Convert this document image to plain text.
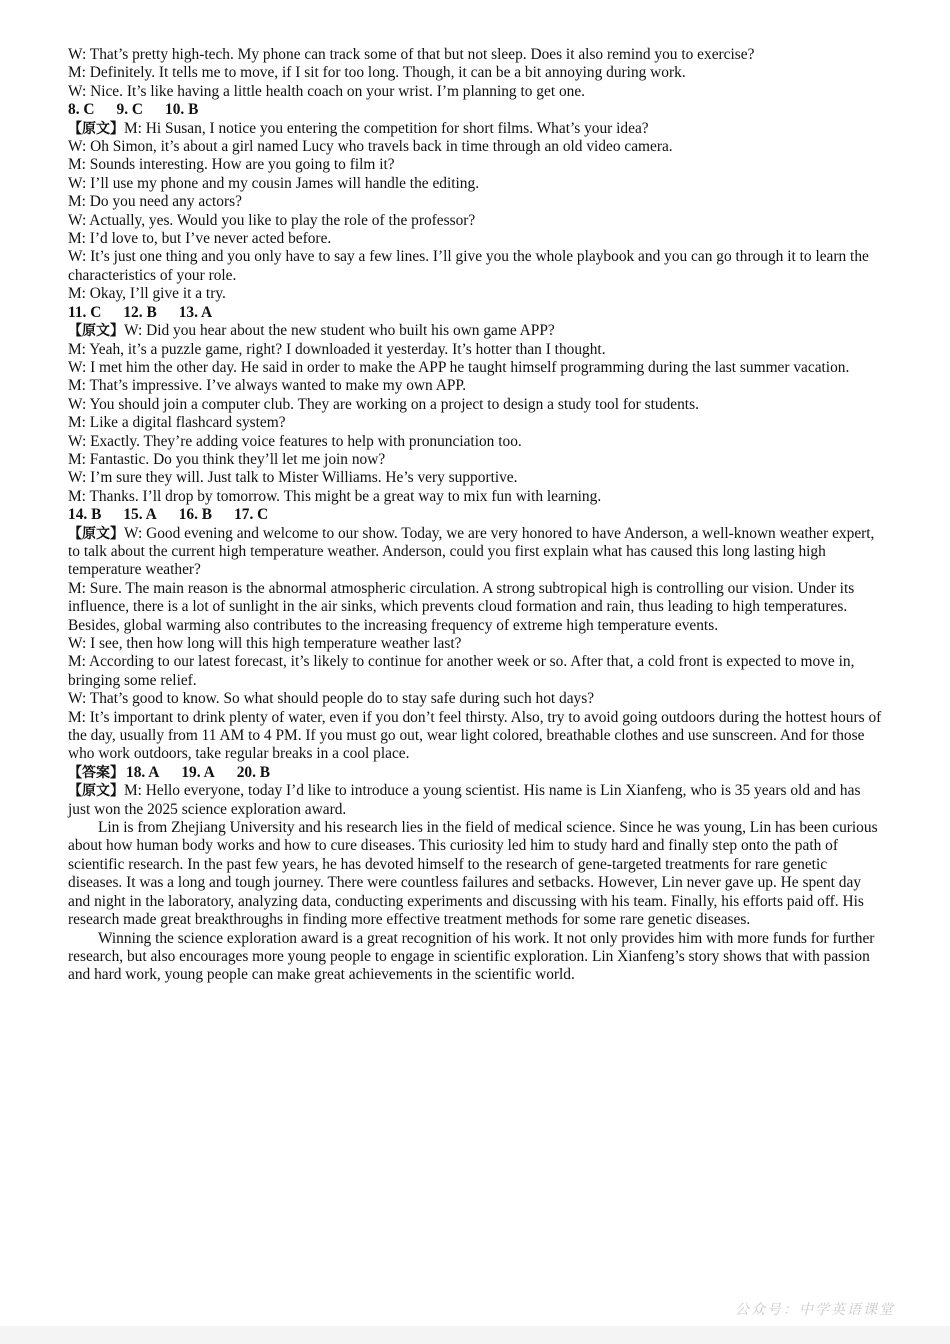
W: That’s pretty high-tech. My phone can track some of that but not sleep. Does it also remind you to exercise?
M: Definitely. It tells me to move, if I sit for too long. Though, it can be a bit annoying during work.
W: Nice. It’s like having a little health coach on your wrist. I’m planning to get one.
8. C 9. C 10. B
【原文】M: Hi Susan, I notice you entering the competition for short films. What’s your idea?
W: Oh Simon, it’s about a girl named Lucy who travels back in time through an old video camera.
M: Sounds interesting. How are you going to film it?
W: I’ll use my phone and my cousin James will handle the editing.
M: Do you need any actors?
W: Actually, yes. Would you like to play the role of the professor?
M: I’d love to, but I’ve never acted before.
W: It’s just one thing and you only have to say a few lines. I’ll give you the whole playbook and you can go through it to learn the characteristics of your role.
M: Okay, I’ll give it a try.
11. C 12. B 13. A
【原文】W: Did you hear about the new student who built his own game APP?
M: Yeah, it’s a puzzle game, right? I downloaded it yesterday. It’s hotter than I thought.
W: I met him the other day. He said in order to make the APP he taught himself programming during the last summer vacation.
M: That’s impressive. I’ve always wanted to make my own APP.
W: You should join a computer club. They are working on a project to design a study tool for students.
M: Like a digital flashcard system?
W: Exactly. They’re adding voice features to help with pronunciation too.
M: Fantastic. Do you think they’ll let me join now?
W: I’m sure they will. Just talk to Mister Williams. He’s very supportive.
M: Thanks. I’ll drop by tomorrow. This might be a great way to mix fun with learning.
14. B 15. A 16. B 17. C
【原文】W: Good evening and welcome to our show. Today, we are very honored to have Anderson, a well-known weather expert, to talk about the current high temperature weather. Anderson, could you first explain what has caused this long lasting high temperature weather?
M: Sure. The main reason is the abnormal atmospheric circulation. A strong subtropical high is controlling our vision. Under its influence, there is a lot of sunlight in the air sinks, which prevents cloud formation and rain, thus leading to high temperatures. Besides, global warming also contributes to the increasing frequency of extreme high temperature events.
W: I see, then how long will this high temperature weather last?
M: According to our latest forecast, it’s likely to continue for another week or so. After that, a cold front is expected to move in, bringing some relief.
W: That’s good to know. So what should people do to stay safe during such hot days?
M: It’s important to drink plenty of water, even if you don’t feel thirsty. Also, try to avoid going outdoors during the hottest hours of the day, usually from 11 AM to 4 PM. If you must go out, wear light colored, breathable clothes and use sunscreen. And for those who work outdoors, take regular breaks in a cool place.
【答案】 18. A 19. A 20. B
【原文】M: Hello everyone, today I’d like to introduce a young scientist. His name is Lin Xianfeng, who is 35 years old and has just won the 2025 science exploration award.
Lin is from Zhejiang University and his research lies in the field of medical science. Since he was young, Lin has been curious about how human body works and how to cure diseases. This curiosity led him to study hard and finally step onto the path of scientific research. In the past few years, he has devoted himself to the research of gene-targeted treatments for rare genetic diseases. It was a long and tough journey. There were countless failures and setbacks. However, Lin never gave up. He spent day and night in the laboratory, analyzing data, conducting experiments and discussing with his team. Finally, his efforts paid off. His research made great breakthroughs in finding more effective treatment methods for some rare genetic diseases.
Winning the science exploration award is a great recognition of his work. It not only provides him with more funds for further research, but also encourages more young people to engage in scientific exploration. Lin Xianfeng’s story shows that with passion and hard work, young people can make great achievements in the scientific world.
公众号：中学英语课堂
